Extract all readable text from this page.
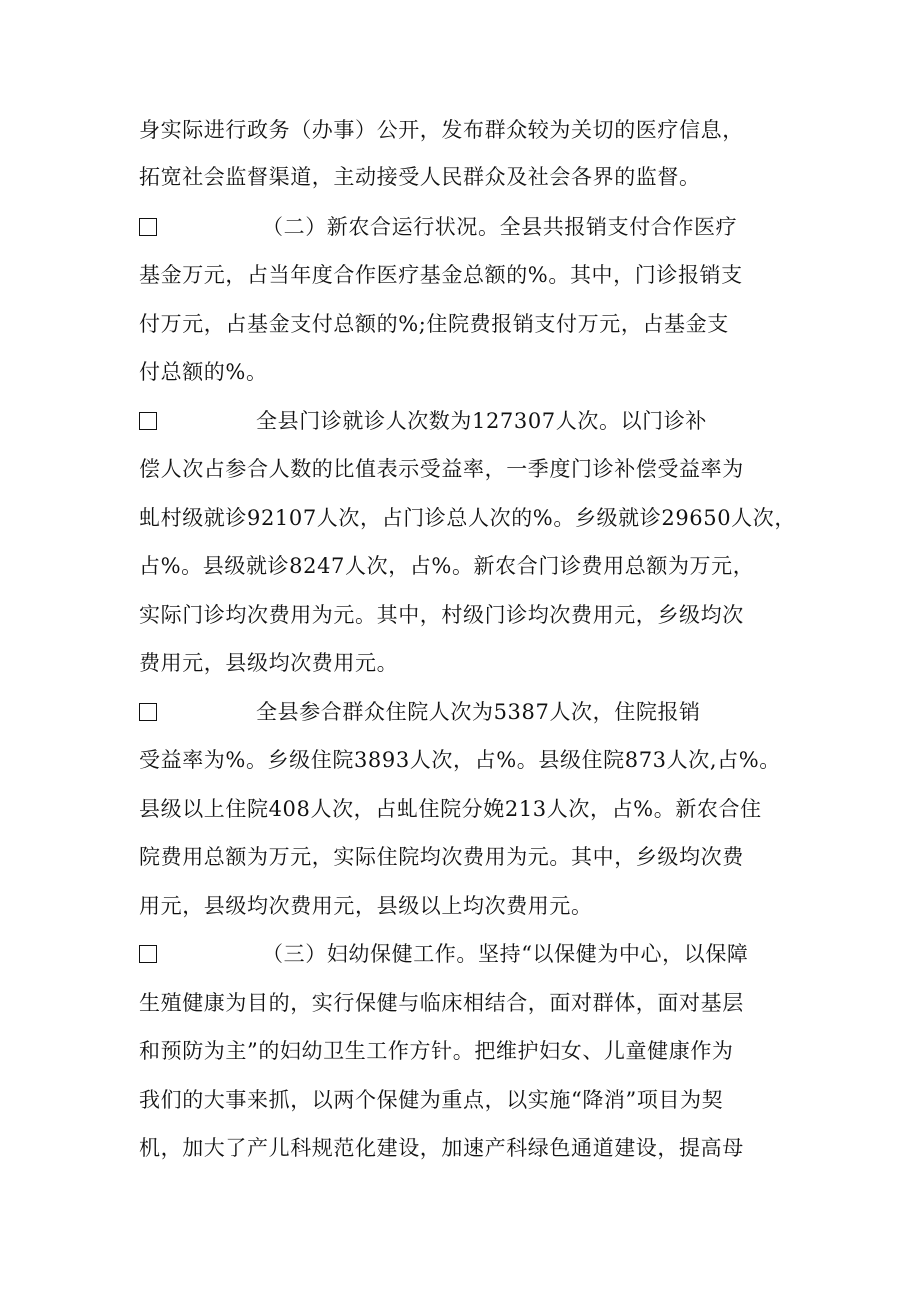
身实际进行政务（办事）公开，发布群众较为关切的医疗信息，
拓宽社会监督渠道，主动接受人民群众及社会各界的监督。
（二）新农合运行状况。全县共报销支付合作医疗
基金万元，占当年度合作医疗基金总额的%。其中，门诊报销支
付万元，占基金支付总额的%;住院费报销支付万元，占基金支
付总额的%。
全县门诊就诊人次数为127307人次。以门诊补
偿人次占参合人数的比值表示受益率，一季度门诊补偿受益率为
虬村级就诊92107人次，占门诊总人次的%。乡级就诊29650人次，
占%。县级就诊8247人次，占%。新农合门诊费用总额为万元，
实际门诊均次费用为元。其中，村级门诊均次费用元，乡级均次
费用元，县级均次费用元。
全县参合群众住院人次为5387人次，住院报销
受益率为%。乡级住院3893人次，占%。县级住院873人次,占%。
县级以上住院408人次，占虬住院分娩213人次，占%。新农合住
院费用总额为万元，实际住院均次费用为元。其中，乡级均次费
用元，县级均次费用元，县级以上均次费用元。
（三）妇幼保健工作。坚持“以保健为中心，以保障
生殖健康为目的，实行保健与临床相结合，面对群体，面对基层
和预防为主”的妇幼卫生工作方针。把维护妇女、儿童健康作为
我们的大事来抓，以两个保健为重点，以实施“降消”项目为契
机，加大了产儿科规范化建设，加速产科绿色通道建设，提高母
